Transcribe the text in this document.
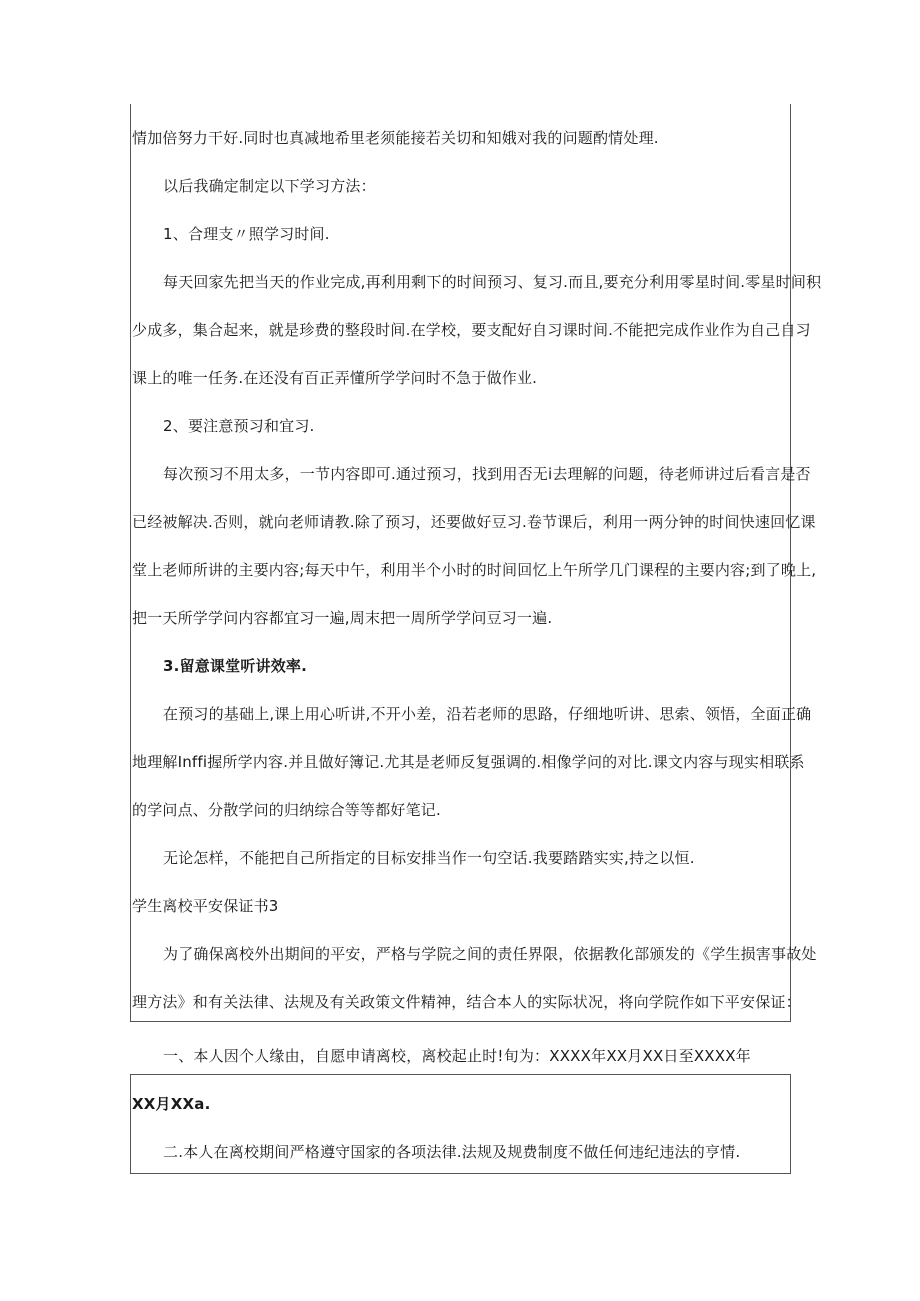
情加倍努力干好.同时也真减地希里老须能接若关切和知娥对我的问题酌情处理.
以后我确定制定以下学习方法：
1、合理支〃照学习时间.
每天回家先把当天的作业完成,再利用剩下的时间预习、复习.而且,要充分利用零星时间.零星时间积
少成多，集合起来，就是珍费的整段时间.在学校，要支配好自习课时间.不能把完成作业作为自己自习
课上的唯一任务.在还没有百正弄懂所学学问时不急于做作业.
2、要注意预习和宜习.
每次预习不用太多，一节内容即可.通过预习，找到用否无i去理解的问题，待老师讲过后看言是否
已经被解决.否则，就向老师请教.除了预习，还要做好豆习.卷节课后，利用一两分钟的时间快速回忆课
堂上老师所讲的主要内容;每天中午，利用半个小时的时间回忆上午所学几门课程的主要内容;到了晚上,
把一天所学学问内容都宜习一遍,周末把一周所学学问豆习一遍.
3.留意课堂听讲效率.
在预习的基础上,课上用心听讲,不开小差，沿若老师的思路，仔细地听讲、思索、领悟，全面正确
地理解Inffi握所学内容.并且做好簿记.尤其是老师反复强调的.相像学问的对比.课文内容与现实相联系
的学问点、分散学问的归纳综合等等都好笔记.
无论怎样，不能把自己所指定的目标安排当作一句空话.我要踏踏实实,持之以恒.
学生离校平安保证书3
为了确保离校外出期间的平安，严格与学院之间的责任界限，依据教化部颁发的《学生损害事故处
理方法》和有关法律、法规及有关政策文件精神，结合本人的实际状况，将向学院作如下平安保证：
一、本人因个人缘由，自愿申请离校，离校起止时!旬为：XXXX年XX月XX日至XXXX年
XX月XXa.
二.本人在离校期间严格遵守国家的各项法律.法规及规费制度不做任何违纪违法的亨情.
